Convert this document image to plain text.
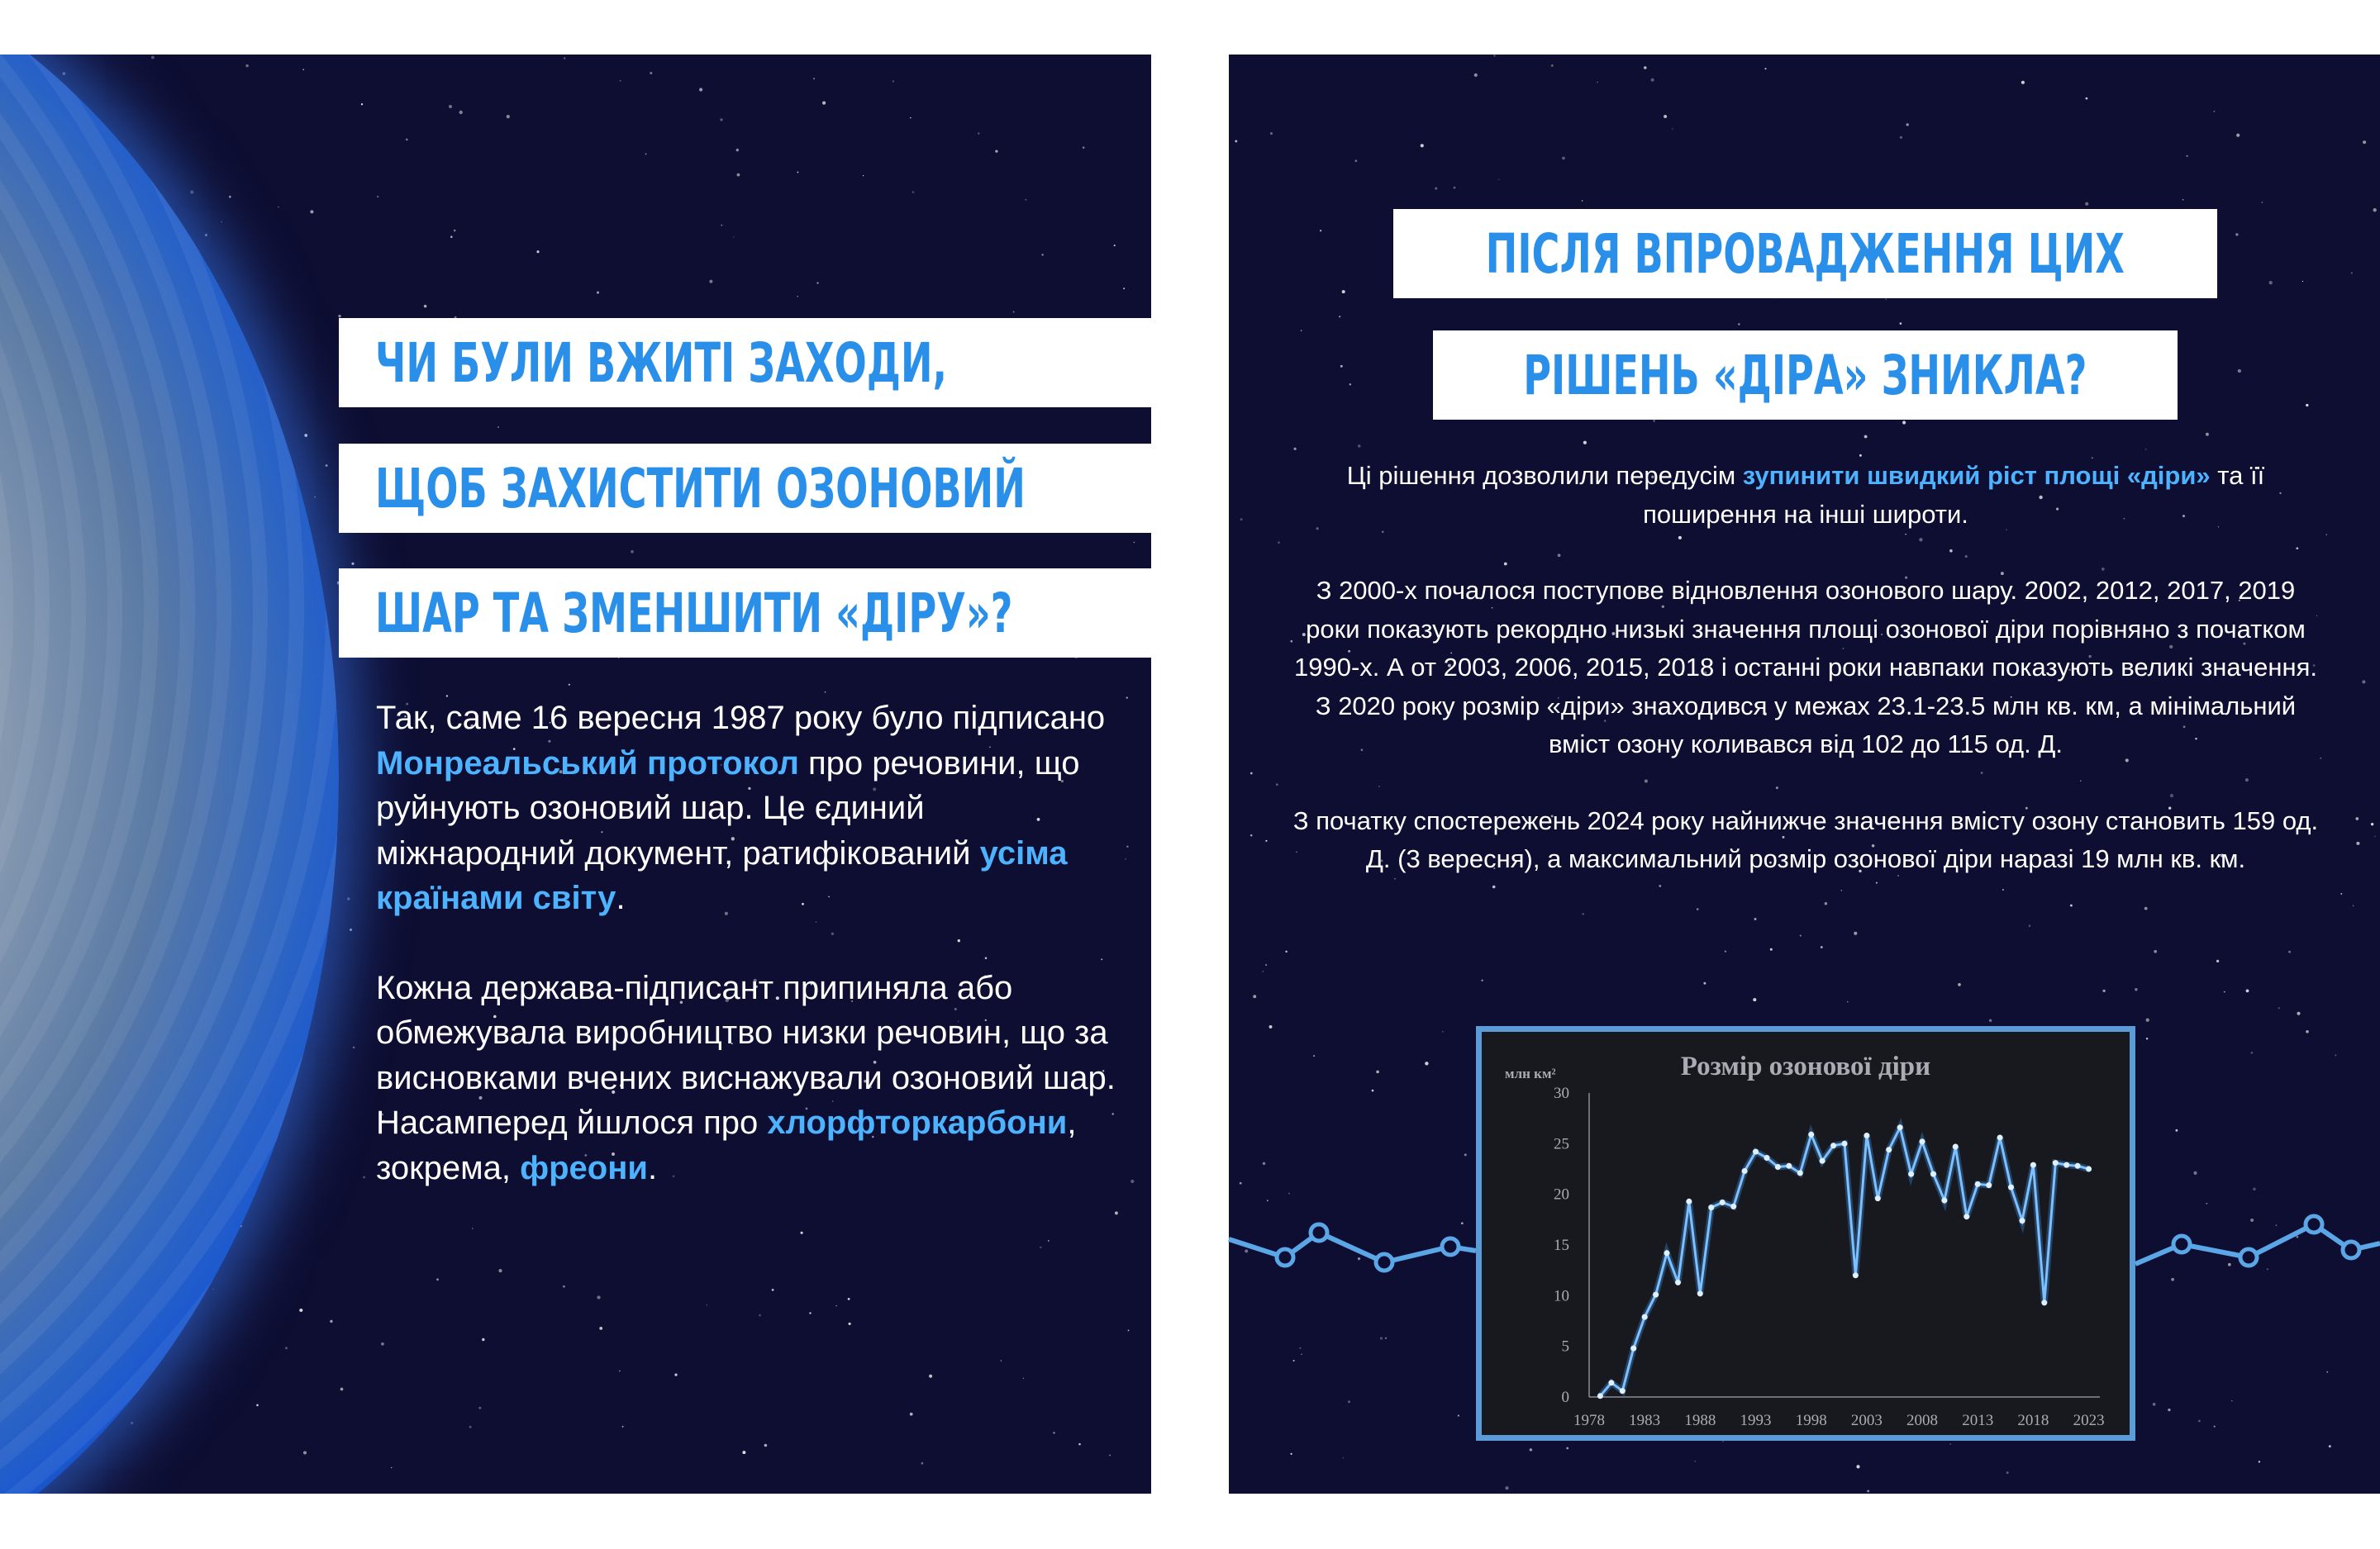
ЧИ БУЛИ ВЖИТІ ЗАХОДИ,
ЩОБ ЗАХИСТИТИ ОЗОНОВИЙ
ШАР ТА ЗМЕНШИТИ «ДІРУ»?
ПІСЛЯ ВПРОВАДЖЕННЯ ЦИХ
РІШЕНЬ «ДІРА» ЗНИКЛА?

Так, саме 16 вересня 1987 року було підписано Монреальський протокол про речовини, що руйнують озоновий шар. Це єдиний міжнародний документ, ратифікований усіма країнами світу.

Кожна держава-підписант припиняла або обмежувала виробництво низки речовин, що за висновками вчених виснажували озоновий шар. Насамперед йшлося про хлорфторкарбони, зокрема, фреони.

Ці рішення дозволили передусім зупинити швидкий ріст площі «діри» та її поширення на інші широти.

З 2000-х почалося поступове відновлення озонового шару. 2002, 2012, 2017, 2019 роки показують рекордно низькі значення площі озонової діри порівняно з початком 1990-х. А от 2003, 2006, 2015, 2018 і останні роки навпаки показують великі значення. З 2020 року розмір «діри» знаходився у межах 23.1-23.5 млн кв. км, а мінімальний вміст озону коливався від 102 до 115 од. Д.

З початку спостережень 2024 року найнижче значення вмісту озону становить 159 од. Д. (3 вересня), а максимальний розмір озонової діри наразі 19 млн кв. км.

Розмір озонової діри
млн км²
0
5
10
15
20
25
30
1978 1983 1988 1993 1998 2003 2008 2013 2018 2023
